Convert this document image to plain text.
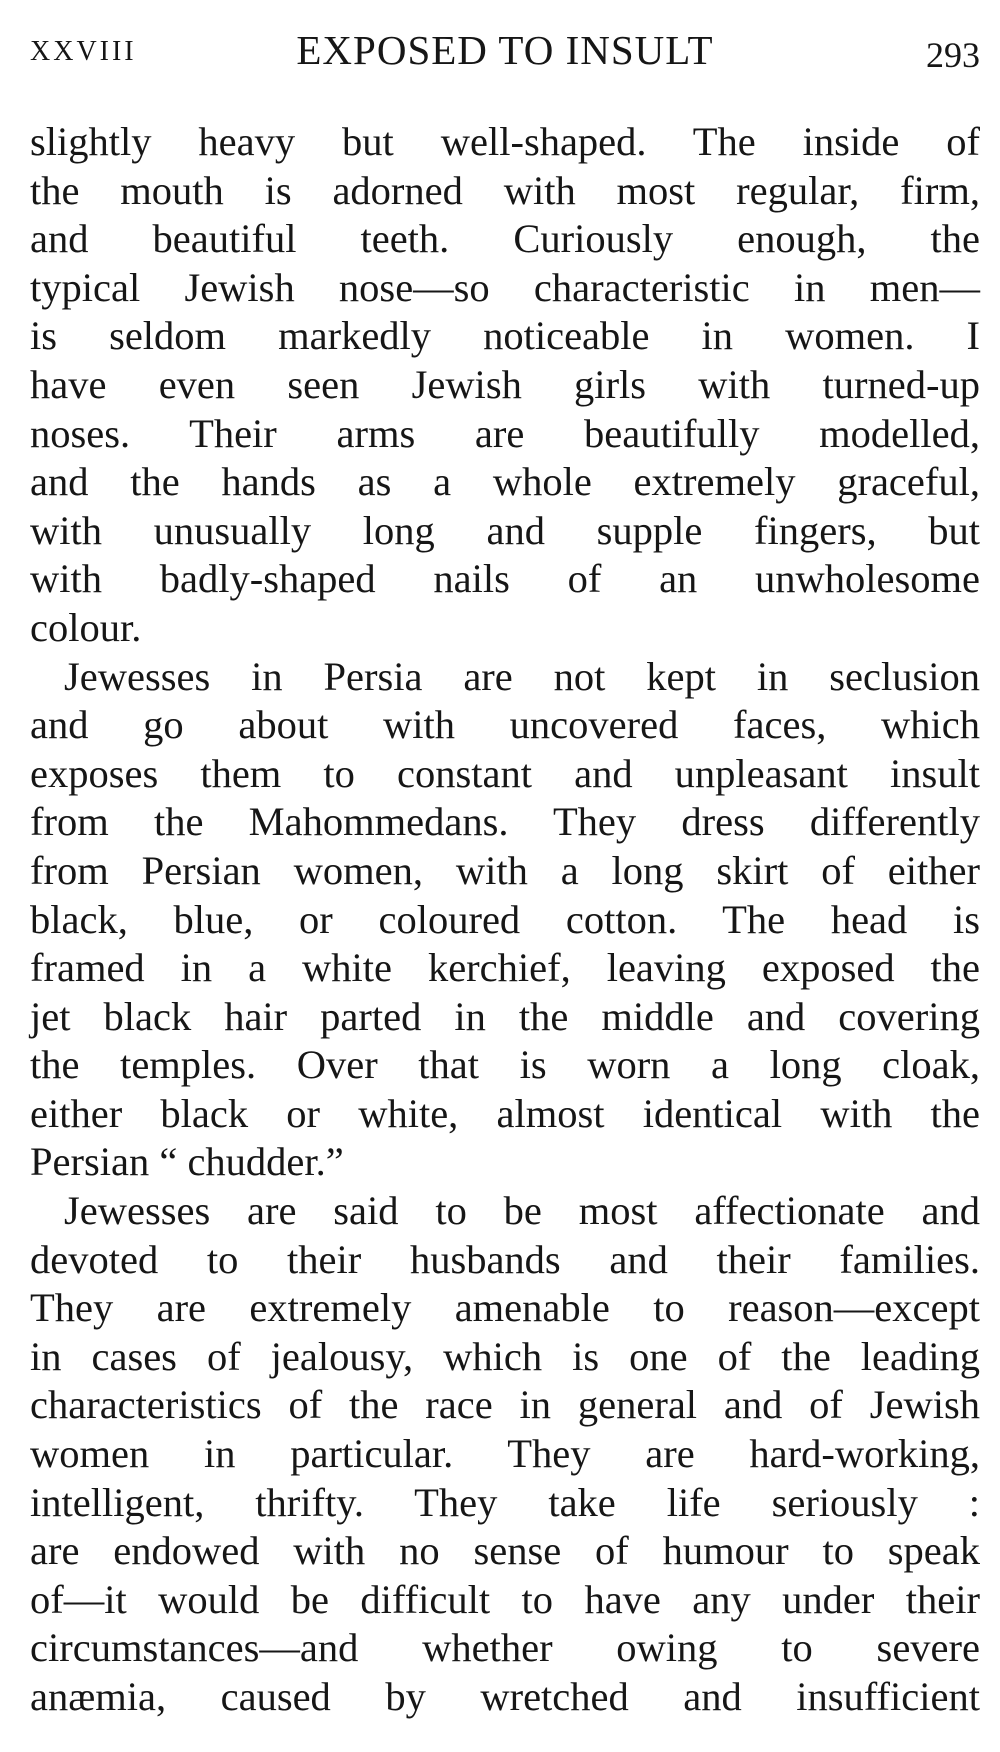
XXVIII	EXPOSED TO INSULT	293
slightly heavy but well-shaped. The inside of
the mouth is adorned with most regular, firm,
and beautiful teeth. Curiously enough, the
typical Jewish nose—so characteristic in men—
is seldom markedly noticeable in women. I
have even seen Jewish girls with turned-up
noses. Their arms are beautifully modelled,
and the hands as a whole extremely graceful,
with unusually long and supple fingers, but
with badly-shaped nails of an unwholesome
colour.
Jewesses in Persia are not kept in seclusion
and go about with uncovered faces, which
exposes them to constant and unpleasant insult
from the Mahommedans. They dress differently
from Persian women, with a long skirt of either
black, blue, or coloured cotton. The head is
framed in a white kerchief, leaving exposed the
jet black hair parted in the middle and covering
the temples. Over that is worn a long cloak,
either black or white, almost identical with the
Persian “ chudder.”
Jewesses are said to be most affectionate and
devoted to their husbands and their families.
They are extremely amenable to reason—except
in cases of jealousy, which is one of the leading
characteristics of the race in general and of Jewish
women in particular. They are hard-working,
intelligent, thrifty. They take life seriously :
are endowed with no sense of humour to speak
of—it would be difficult to have any under their
circumstances—and whether owing to severe
anæmia, caused by wretched and insufficient
